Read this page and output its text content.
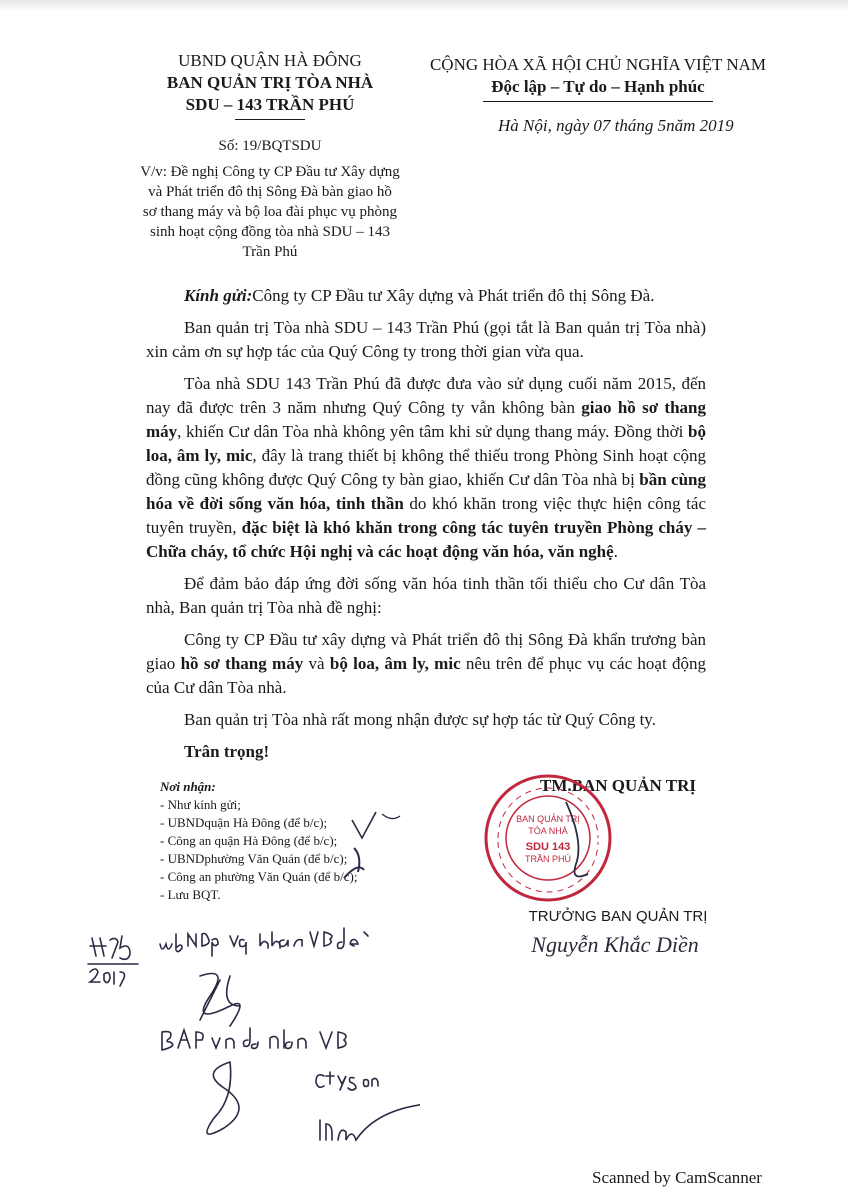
UBND QUẬN HÀ ĐÔNG
BAN QUẢN TRỊ TÒA NHÀ
SDU – 143 TRẦN PHÚ
CỘNG HÒA XÃ HỘI CHỦ NGHĨA VIỆT NAM
Độc lập – Tự do – Hạnh phúc
Hà Nội, ngày 07 tháng 5năm 2019
Số: 19/BQTSDU
V/v: Đề nghị Công ty CP Đầu tư Xây dựng và Phát triển đô thị Sông Đà bàn giao hồ sơ thang máy và bộ loa đài phục vụ phòng sinh hoạt cộng đồng tòa nhà SDU – 143 Trần Phú

Kính gửi:Công ty CP Đầu tư Xây dựng và Phát triển đô thị Sông Đà.

Ban quản trị Tòa nhà SDU – 143 Trần Phú (gọi tắt là Ban quản trị Tòa nhà) xin cảm ơn sự hợp tác của Quý Công ty trong thời gian vừa qua.

Tòa nhà SDU 143 Trần Phú đã được đưa vào sử dụng cuối năm 2015, đến nay đã được trên 3 năm nhưng Quý Công ty vẫn không bàn giao hồ sơ thang máy, khiến Cư dân Tòa nhà không yên tâm khi sử dụng thang máy. Đồng thời bộ loa, âm ly, mic, đây là trang thiết bị không thể thiếu trong Phòng Sinh hoạt cộng đồng cũng không được Quý Công ty bàn giao, khiến Cư dân Tòa nhà bị bần cùng hóa về đời sống văn hóa, tinh thần do khó khăn trong việc thực hiện công tác tuyên truyền, đặc biệt là khó khăn trong công tác tuyên truyền Phòng cháy – Chữa cháy, tổ chức Hội nghị và các hoạt động văn hóa, văn nghệ.

Để đảm bảo đáp ứng đời sống văn hóa tinh thần tối thiểu cho Cư dân Tòa nhà, Ban quản trị Tòa nhà đề nghị:

Công ty CP Đầu tư xây dựng và Phát triển đô thị Sông Đà khẩn trương bàn giao hồ sơ thang máy và bộ loa, âm ly, mic nêu trên để phục vụ các hoạt động của Cư dân Tòa nhà.

Ban quản trị Tòa nhà rất mong nhận được sự hợp tác từ Quý Công ty.

Trân trọng!
Nơi nhận:
- Như kính gửi;
- UBNDquận Hà Đông (để b/c);
- Công an quận Hà Đông (để b/c);
- UBNDphường Văn Quán (để b/c);
- Công an phường Văn Quán (để b/c);
- Lưu BQT.
TM.BAN QUẢN TRỊ
BAN QUẢN TRỊ
TÒA NHÀ
SDU 143
TRẦN PHÚ
TRƯỞNG BAN QUẢN TRỊ
Nguyễn Khắc Diền
715
Scanned by CamScanner
